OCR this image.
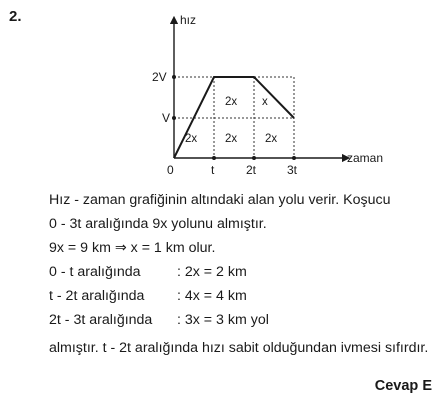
2.	hız
zaman
V
2V
0	t	2t	3t
2x 2x 2x
2x x
Hız - zaman grafiğinin altındaki alan yolu verir. Koşucu
0 - 3t aralığında 9x yolunu almıştır.
9x = 9 km ⇒ x = 1 km olur.
0 - t aralığında	: 2x = 2 km
t - 2t aralığında	: 4x = 4 km
2t - 3t aralığında	: 3x = 3 km yol
almıştır. t - 2t aralığında hızı sabit olduğundan ivmesi sıfırdır.
Cevap E
